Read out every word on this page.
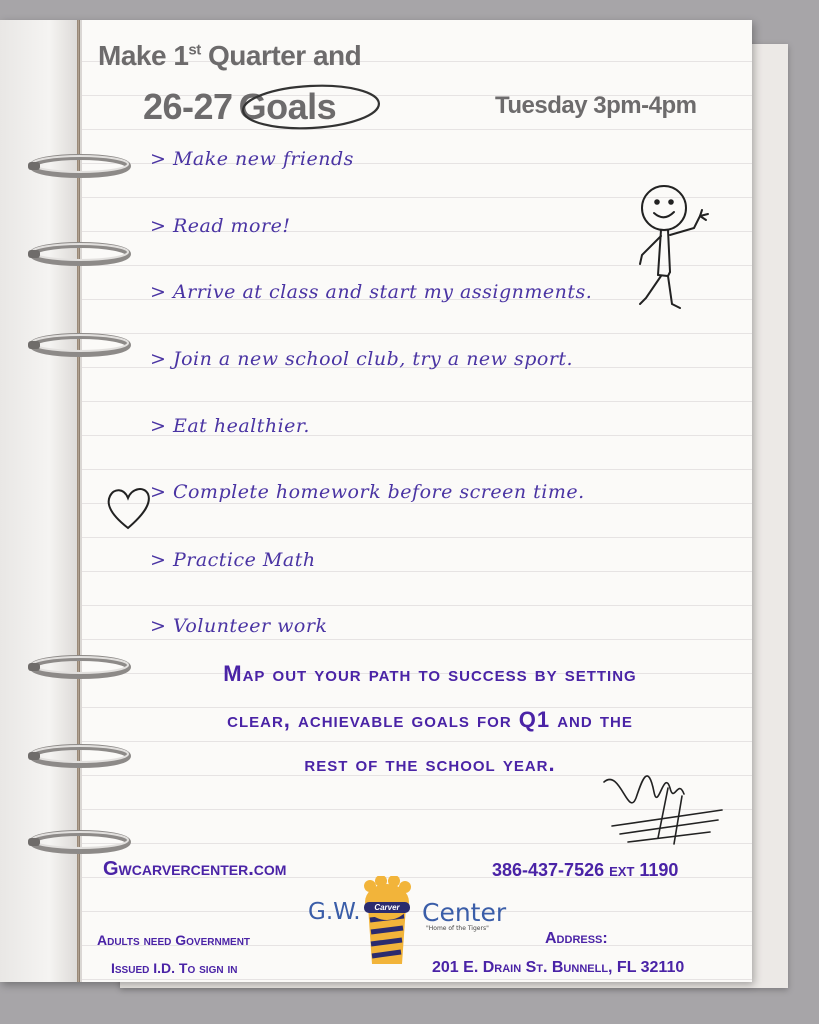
Make 1st Quarter and
26-27 Goals	Tuesday 3pm-4pm
> Make new friends
> Read more!
> Arrive at class and start my assignments.
> Join a new school club, try a new sport.
> Eat healthier.
> Complete homework before screen time.
> Practice Math
> Volunteer work
Map out your path to success by setting
clear, achievable goals for Q1 and the
rest of the school year.
Gwcarvercenter.com	386-437-7526 ext 1190
Adults need Government
Issued I.D. To sign in
Address:
201 E. Drain St. Bunnell, FL 32110
G.W. Center
"Home of the Tigers"
Carver
